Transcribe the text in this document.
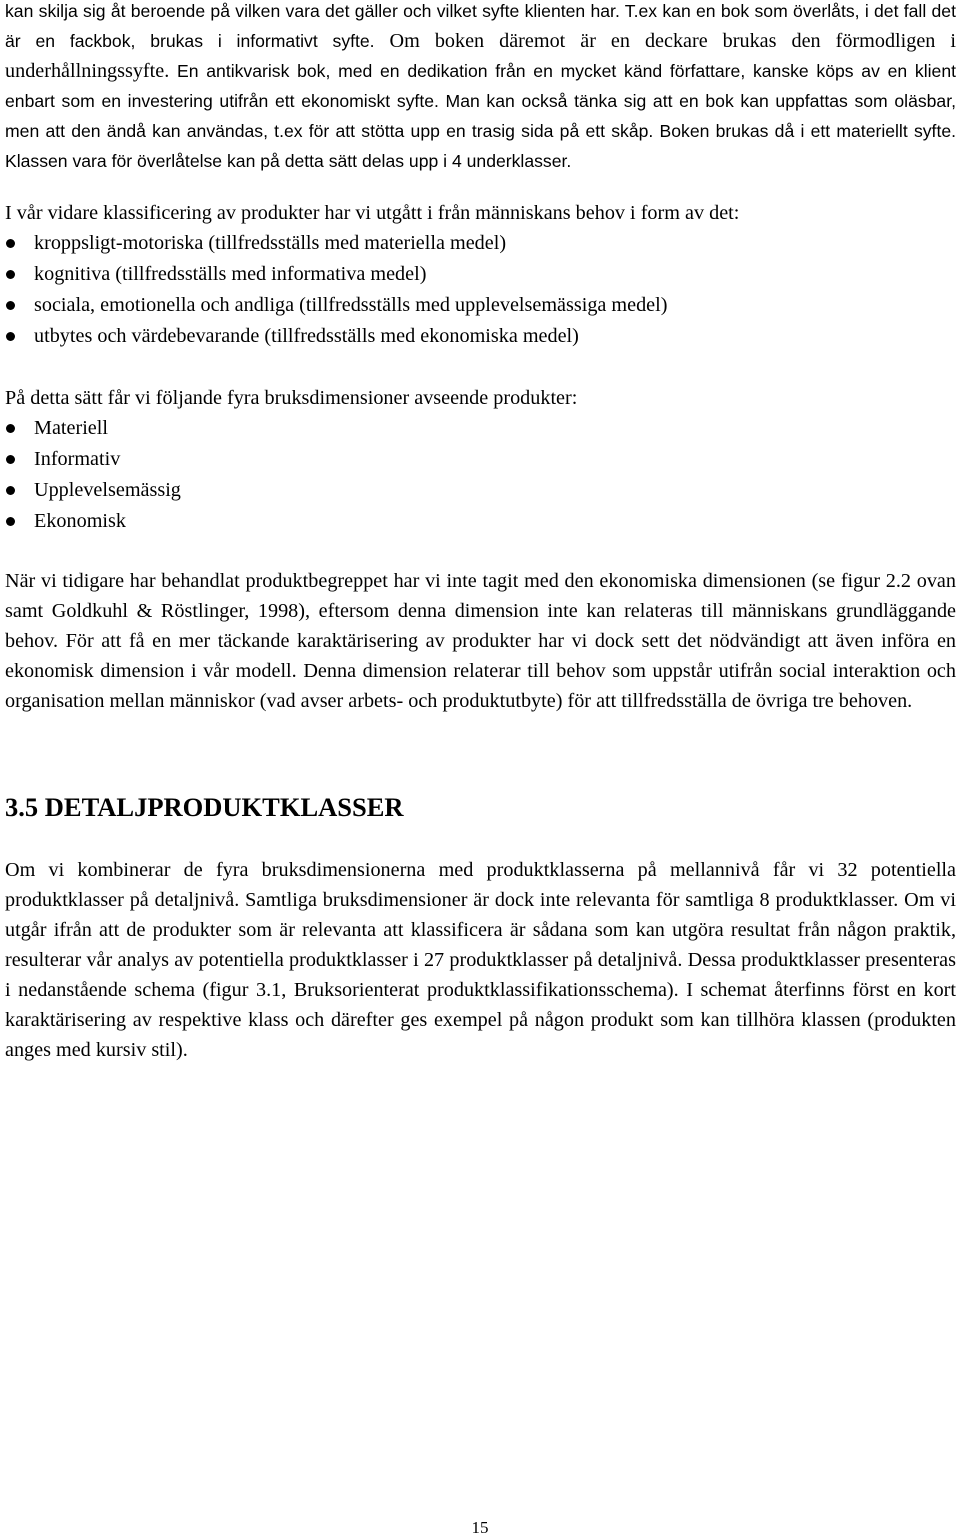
kan skilja sig åt beroende på vilken vara det gäller och vilket syfte klienten har. T.ex kan en bok som överlåts, i det fall det är en fackbok, brukas i informativt syfte. Om boken däremot är en deckare brukas den förmodligen i underhållningssyfte. En antikvarisk bok, med en dedikation från en mycket känd författare, kanske köps av en klient enbart som en investering utifrån ett ekonomiskt syfte. Man kan också tänka sig att en bok kan uppfattas som oläsbar, men att den ändå kan användas, t.ex för att stötta upp en trasig sida på ett skåp. Boken brukas då i ett materiellt syfte. Klassen vara för överlåtelse kan på detta sätt delas upp i 4 underklasser.

I vår vidare klassificering av produkter har vi utgått i från människans behov i form av det:

kroppsligt-motoriska (tillfredsställs med materiella medel)
kognitiva (tillfredsställs med informativa medel)
sociala, emotionella och andliga (tillfredsställs med upplevelsemässiga medel)
utbytes och värdebevarande (tillfredsställs med ekonomiska medel)

På detta sätt får vi följande fyra bruksdimensioner avseende produkter:

Materiell
Informativ
Upplevelsemässig
Ekonomisk

När vi tidigare har behandlat produktbegreppet har vi inte tagit med den ekonomiska dimensionen (se figur 2.2 ovan samt Goldkuhl & Röstlinger, 1998), eftersom denna dimension inte kan relateras till människans grundläggande behov. För att få en mer täckande karaktärisering av produkter har vi dock sett det nödvändigt att även införa en ekonomisk dimension i vår modell. Denna dimension relaterar till behov som uppstår utifrån social interaktion och organisation mellan människor (vad avser arbets- och produktutbyte) för att tillfredsställa de övriga tre behoven.

3.5 DETALJPRODUKTKLASSER

Om vi kombinerar de fyra bruksdimensionerna med produktklasserna på mellannivå får vi 32 potentiella produktklasser på detaljnivå. Samtliga bruksdimensioner är dock inte relevanta för samtliga 8 produktklasser. Om vi utgår ifrån att de produkter som är relevanta att klassificera är sådana som kan utgöra resultat från någon praktik, resulterar vår analys av potentiella produktklasser i 27 produktklasser på detaljnivå. Dessa produktklasser presenteras i nedanstående schema (figur 3.1, Bruksorienterat produktklassifikationsschema). I schemat återfinns först en kort karaktärisering av respektive klass och därefter ges exempel på någon produkt som kan tillhöra klassen (produkten anges med kursiv stil).

15
